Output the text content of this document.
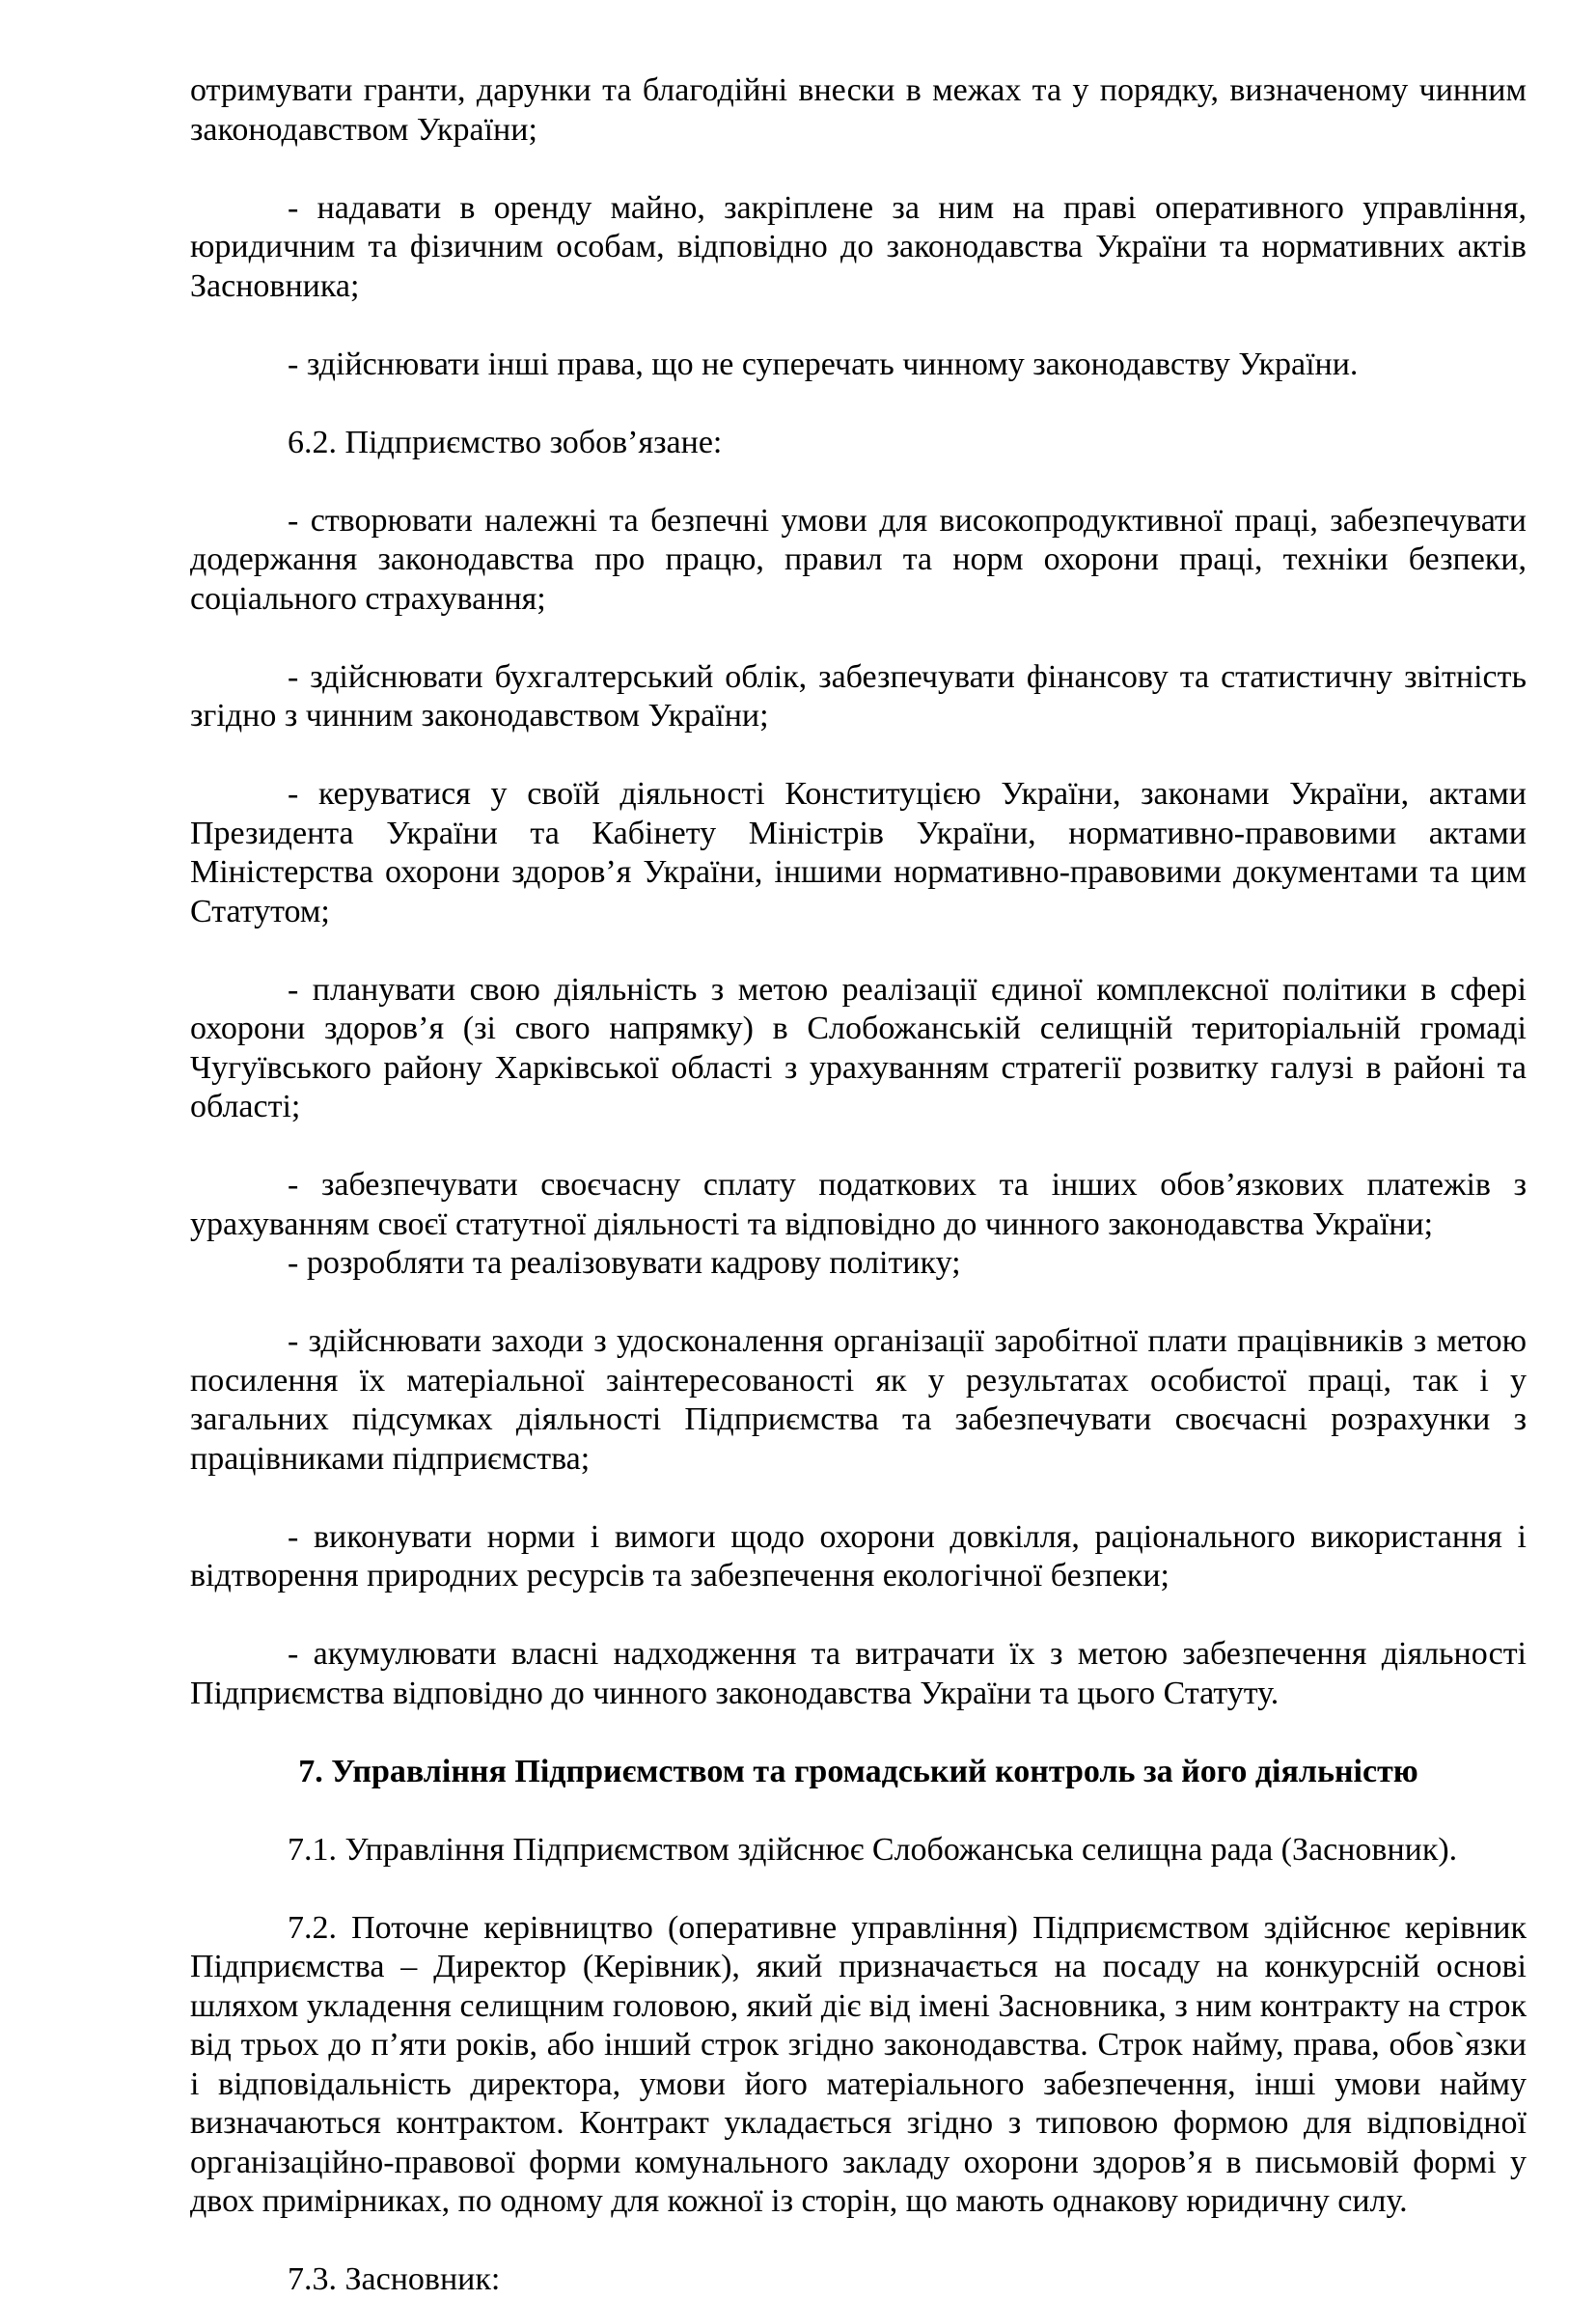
отримувати гранти, дарунки та благодійні внески в межах та у порядку, визначеному чинним законодавством України;

- надавати в оренду майно, закріплене за ним на праві оперативного управління, юридичним та фізичним особам, відповідно до законодавства України та нормативних актів Засновника;

- здійснювати інші права, що не суперечать чинному законодавству України.

6.2. Підприємство зобов’язане:

- створювати належні та безпечні умови для високопродуктивної праці, забезпечувати додержання законодавства про працю, правил та норм охорони праці, техніки безпеки, соціального страхування;

- здійснювати бухгалтерський облік, забезпечувати фінансову та статистичну звітність згідно з чинним законодавством України;

- керуватися у своїй діяльності Конституцією України, законами України, актами Президента України та Кабінету Міністрів України, нормативно-правовими актами Міністерства охорони здоров’я України, іншими нормативно-правовими документами та цим Статутом;

- планувати свою діяльність з метою реалізації єдиної комплексної політики в сфері охорони здоров’я (зі свого напрямку) в Слобожанській селищній територіальній громаді Чугуївського району Харківської області з урахуванням стратегії розвитку галузі в районі та області;

- забезпечувати своєчасну сплату податкових та інших обов’язкових платежів з урахуванням своєї статутної діяльності та відповідно до чинного законодавства України;

- розробляти та реалізовувати кадрову політику;

- здійснювати заходи з удосконалення організації заробітної плати працівників з метою посилення їх матеріальної заінтересованості як у результатах особистої праці, так і у загальних підсумках діяльності Підприємства та забезпечувати своєчасні розрахунки з працівниками підприємства;

- виконувати норми і вимоги щодо охорони довкілля, раціонального використання і відтворення природних ресурсів та забезпечення екологічної безпеки;

- акумулювати власні надходження та витрачати їх з метою забезпечення діяльності Підприємства відповідно до чинного законодавства України та цього Статуту.

7. Управління Підприємством та громадський контроль за його діяльністю

7.1. Управління Підприємством здійснює Слобожанська селищна рада (Засновник).

7.2. Поточне керівництво (оперативне управління) Підприємством здійснює керівник Підприємства – Директор (Керівник), який призначається на посаду на конкурсній основі шляхом укладення селищним головою, який діє від імені Засновника, з ним контракту на строк від трьох до п’яти років, або інший строк згідно законодавства. Строк найму, права, обов`язки і відповідальність директора, умови його матеріального забезпечення, інші умови найму визначаються контрактом. Контракт укладається згідно з типовою формою для відповідної організаційно-правової форми комунального закладу охорони здоров’я в письмовій формі у двох примірниках, по одному для кожної із сторін, що мають однакову юридичну силу.

7.3. Засновник:
